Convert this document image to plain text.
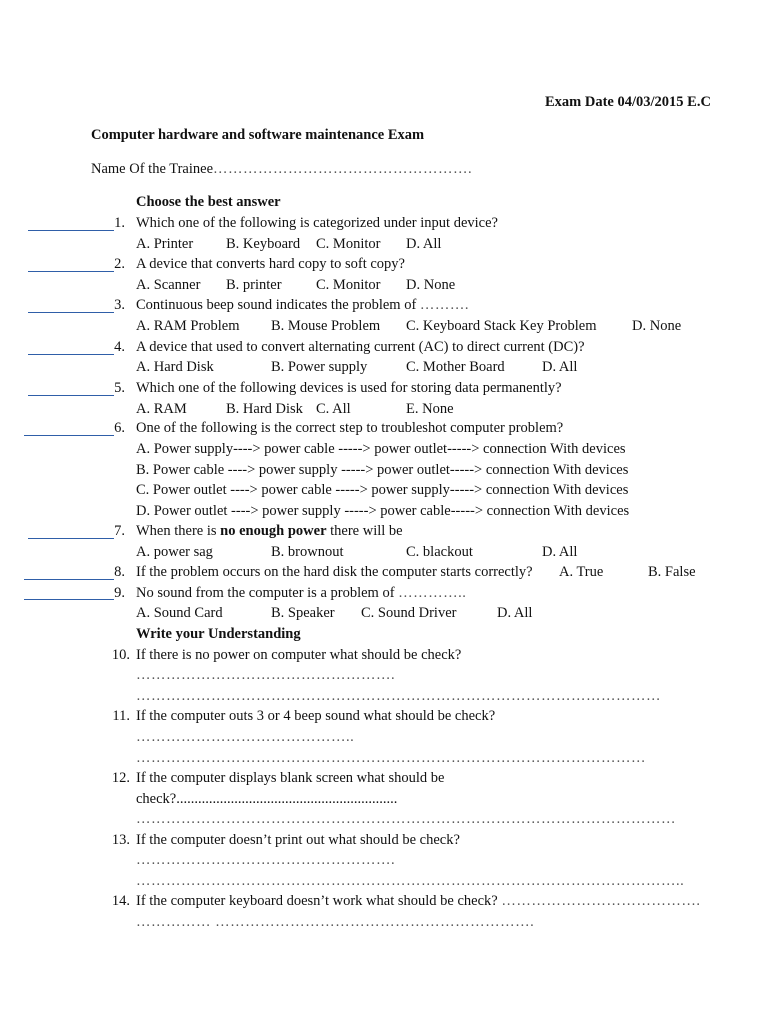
Exam Date 04/03/2015 E.C
Computer hardware and software maintenance Exam
Name Of the Trainee…………………………………………….
Choose the best answer
1. Which one of the following is categorized under input device?
A. Printer B. Keyboard C. Monitor D. All
2. A device that converts hard copy to soft copy?
A. Scanner B. printer C. Monitor D. None
3. Continuous beep sound indicates the problem of ……….
A. RAM Problem B. Mouse Problem C. Keyboard Stack Key Problem D. None
4. A device that used to convert alternating current (AC) to direct current (DC)?
A. Hard Disk	B. Power supply	C. Mother Board	D. All
5. Which one of the following devices is used for storing data permanently?
A. RAM	B. Hard Disk C. All	E. None
6. One of the following is the correct step to troubleshot computer problem?
A. Power supply----> power cable -----> power outlet-----> connection With devices
B. Power cable ----> power supply -----> power outlet-----> connection With devices
C. Power outlet ----> power cable -----> power supply-----> connection With devices
D. Power outlet ----> power supply -----> power cable-----> connection With devices
7. When there is no enough power there will be
A. power sag	B. brownout	C. blackout	D. All
8. If the problem occurs on the hard disk the computer starts correctly? A. True	B. False
9. No sound from the computer is a problem of …………..
A. Sound Card	B. Speaker C. Sound Driver	D. All
Write your Understanding
10. If there is no power on computer what should be check?
…………………………………………….
……………………………………………………………………………………………
11. If the computer outs 3 or 4 beep sound what should be check?
……………………………………..
…………………………………………………………………………………………
12. If the computer displays blank screen what should be
check?.............................................................
………………………………………………………………………………………………
13. If the computer doesn’t print out what should be check?
…………………………………………….
………………………………………………………………………………………………..
14. If the computer keyboard doesn’t work what should be check? ………………………………….
…………… ……………………………………………………….
